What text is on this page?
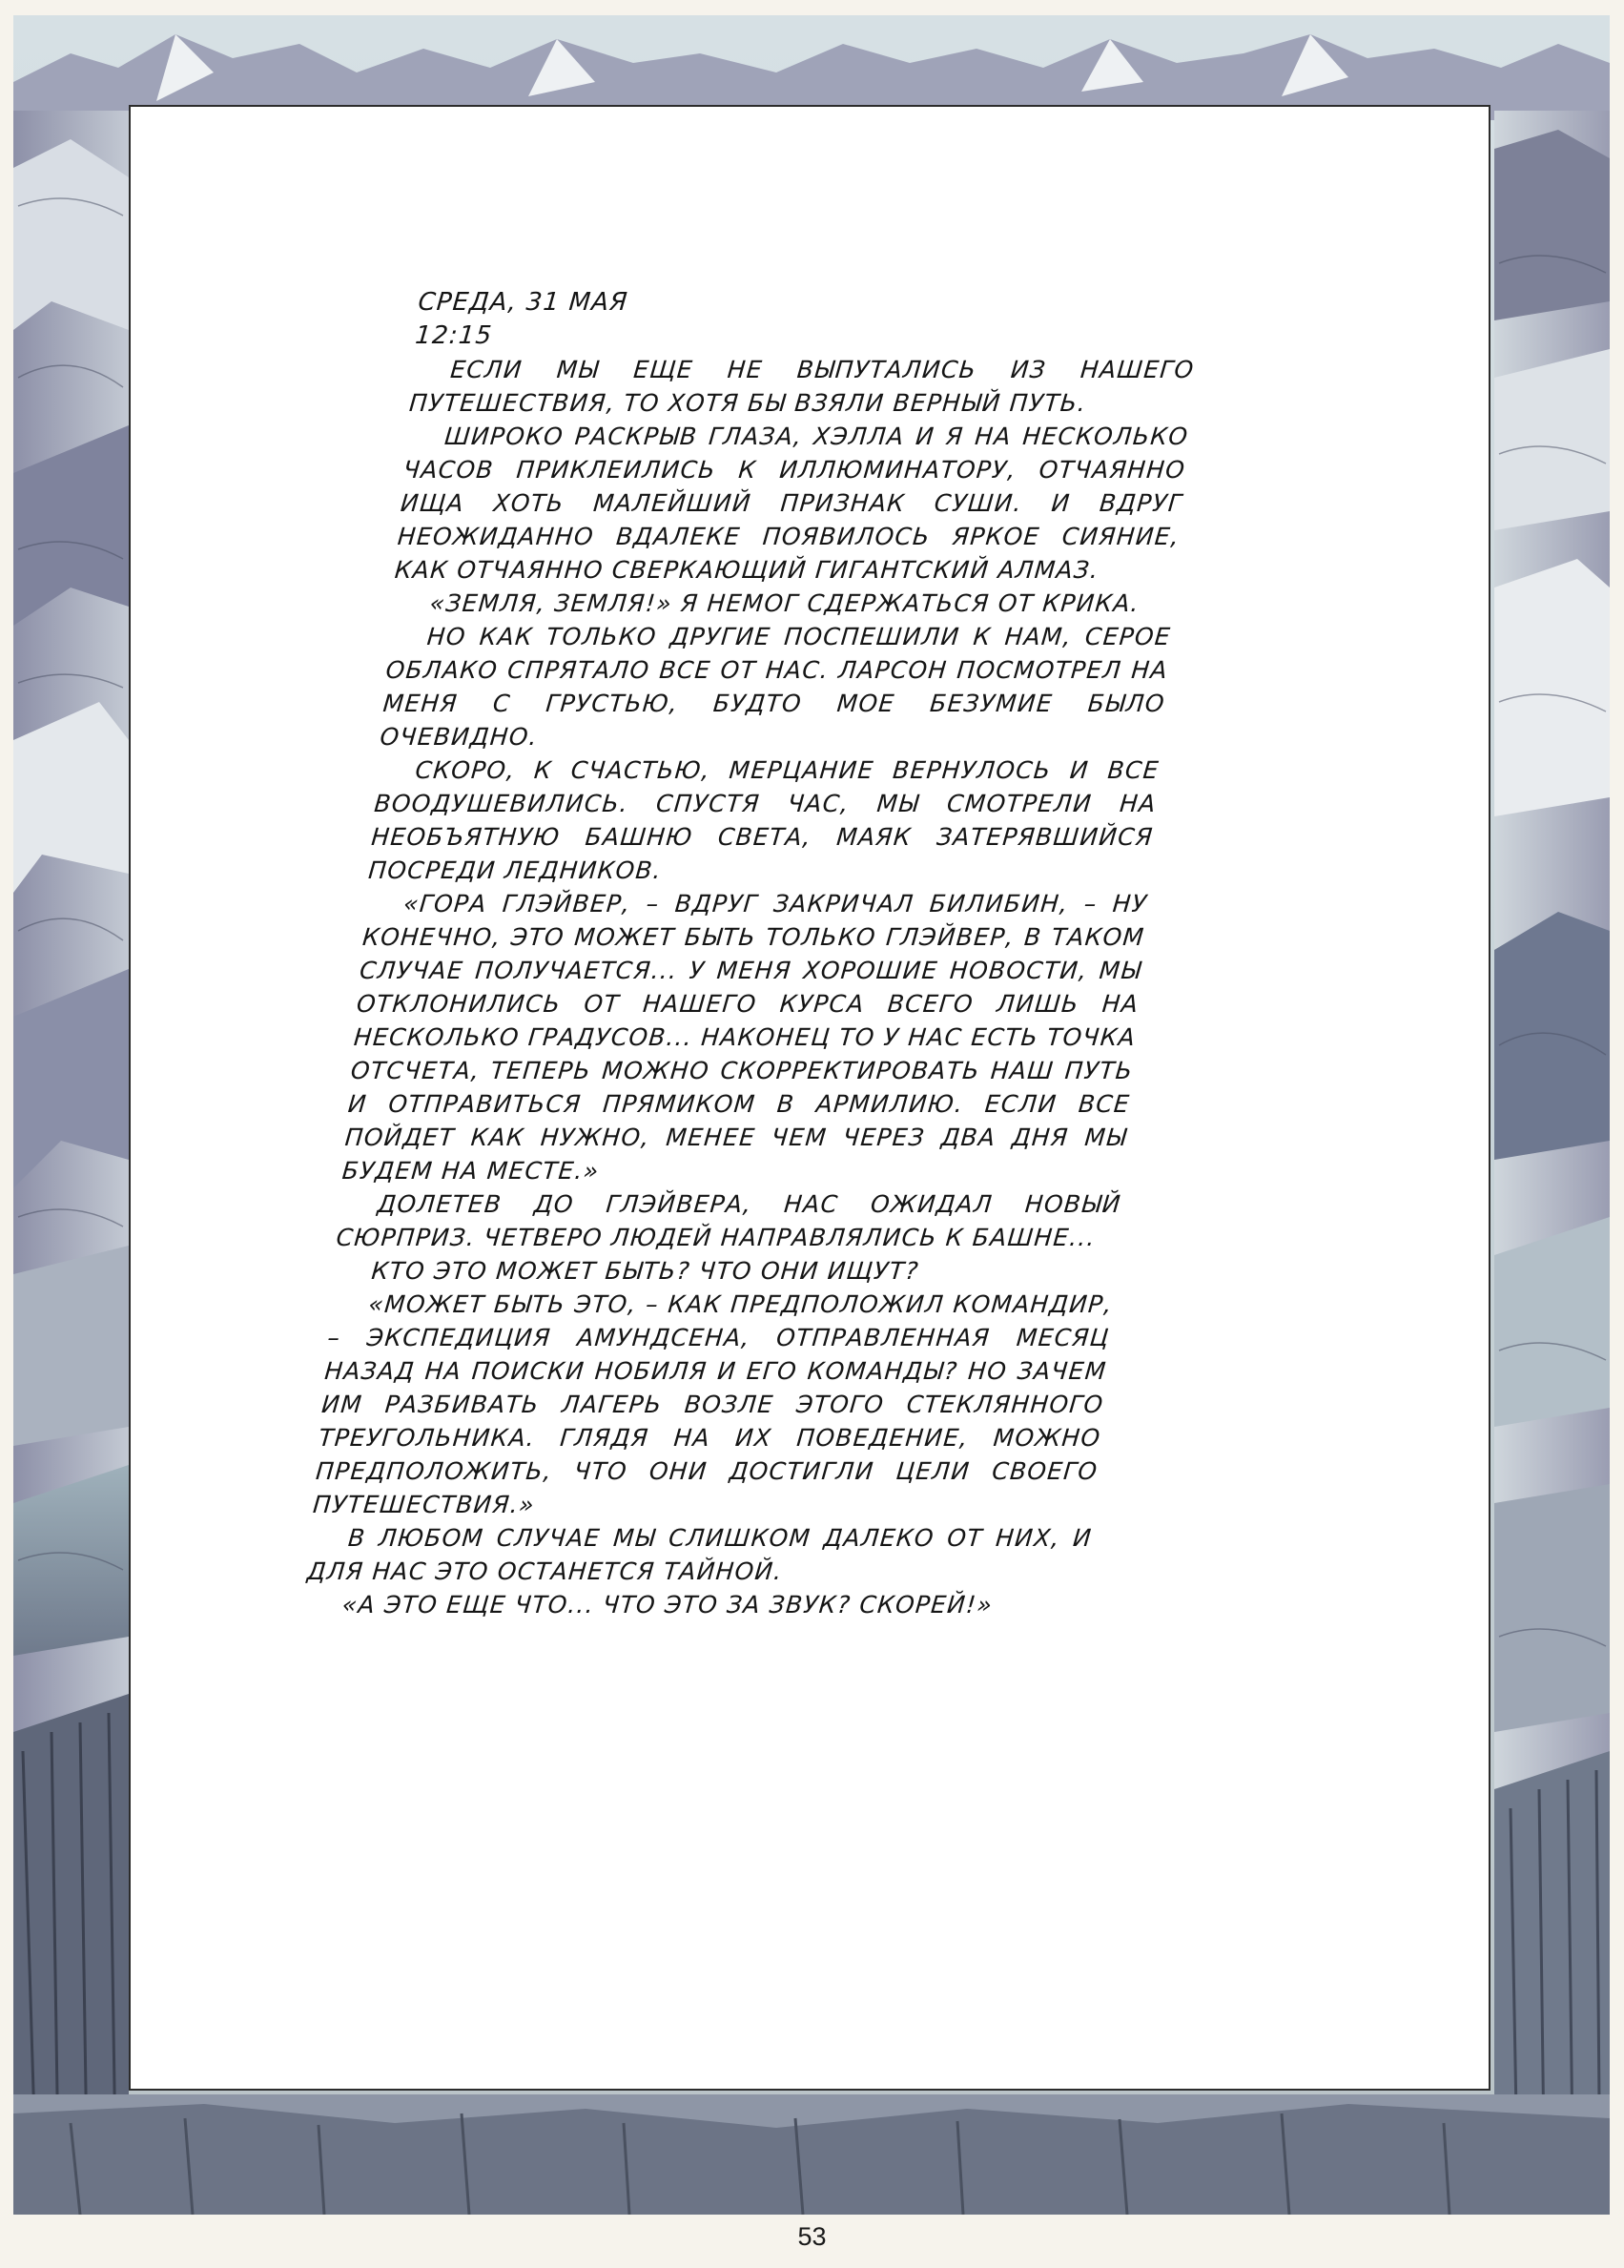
СРЕДА, 31 МАЯ

12:15

ЕСЛИ МЫ ЕЩЕ НЕ ВЫПУТАЛИСЬ ИЗ НАШЕГО ПУТЕШЕСТВИЯ, ТО ХОТЯ БЫ ВЗЯЛИ ВЕРНЫЙ ПУТЬ.

ШИРОКО РАСКРЫВ ГЛАЗА, ХЭЛЛА И Я НА НЕСКОЛЬКО ЧАСОВ ПРИКЛЕИЛИСЬ К ИЛЛЮМИНАТОРУ, ОТЧАЯННО ИЩА ХОТЬ МАЛЕЙШИЙ ПРИЗНАК СУШИ. И ВДРУГ НЕОЖИДАННО ВДАЛЕКЕ ПОЯВИЛОСЬ ЯРКОЕ СИЯНИЕ, КАК ОТЧАЯННО СВЕРКАЮЩИЙ ГИГАНТСКИЙ АЛМАЗ.

«ЗЕМЛЯ, ЗЕМЛЯ!» Я НЕМОГ СДЕРЖАТЬСЯ ОТ КРИКА.

НО КАК ТОЛЬКО ДРУГИЕ ПОСПЕШИЛИ К НАМ, СЕРОЕ ОБЛАКО СПРЯТАЛО ВСЕ ОТ НАС. ЛАРСОН ПОСМОТРЕЛ НА МЕНЯ С ГРУСТЬЮ, БУДТО МОЕ БЕЗУМИЕ БЫЛО ОЧЕВИДНО.

СКОРО, К СЧАСТЬЮ, МЕРЦАНИЕ ВЕРНУЛОСЬ И ВСЕ ВООДУШЕВИЛИСЬ. СПУСТЯ ЧАС, МЫ СМОТРЕЛИ НА НЕОБЪЯТНУЮ БАШНЮ СВЕТА, МАЯК ЗАТЕРЯВШИЙСЯ ПОСРЕДИ ЛЕДНИКОВ.

«ГОРА ГЛЭЙВЕР, – ВДРУГ ЗАКРИЧАЛ БИЛИБИН, – НУ КОНЕЧНО, ЭТО МОЖЕТ БЫТЬ ТОЛЬКО ГЛЭЙВЕР, В ТАКОМ СЛУЧАЕ ПОЛУЧАЕТСЯ... У МЕНЯ ХОРОШИЕ НОВОСТИ, МЫ ОТКЛОНИЛИСЬ ОТ НАШЕГО КУРСА ВСЕГО ЛИШЬ НА НЕСКОЛЬКО ГРАДУСОВ... НАКОНЕЦ ТО У НАС ЕСТЬ ТОЧКА ОТСЧЕТА, ТЕПЕРЬ МОЖНО СКОРРЕКТИРОВАТЬ НАШ ПУТЬ И ОТПРАВИТЬСЯ ПРЯМИКОМ В АРМИЛИЮ. ЕСЛИ ВСЕ ПОЙДЕТ КАК НУЖНО, МЕНЕЕ ЧЕМ ЧЕРЕЗ ДВА ДНЯ МЫ БУДЕМ НА МЕСТЕ.»

ДОЛЕТЕВ ДО ГЛЭЙВЕРА, НАС ОЖИДАЛ НОВЫЙ СЮРПРИЗ. ЧЕТВЕРО ЛЮДЕЙ НАПРАВЛЯЛИСЬ К БАШНЕ...

КТО ЭТО МОЖЕТ БЫТЬ? ЧТО ОНИ ИЩУТ?

«МОЖЕТ БЫТЬ ЭТО, – КАК ПРЕДПОЛОЖИЛ КОМАНДИР, – ЭКСПЕДИЦИЯ АМУНДСЕНА, ОТПРАВЛЕННАЯ МЕСЯЦ НАЗАД НА ПОИСКИ НОБИЛЯ И ЕГО КОМАНДЫ? НО ЗАЧЕМ ИМ РАЗБИВАТЬ ЛАГЕРЬ ВОЗЛЕ ЭТОГО СТЕКЛЯННОГО ТРЕУГОЛЬНИКА. ГЛЯДЯ НА ИХ ПОВЕДЕНИЕ, МОЖНО ПРЕДПОЛОЖИТЬ, ЧТО ОНИ ДОСТИГЛИ ЦЕЛИ СВОЕГО ПУТЕШЕСТВИЯ.»

В ЛЮБОМ СЛУЧАЕ МЫ СЛИШКОМ ДАЛЕКО ОТ НИХ, И ДЛЯ НАС ЭТО ОСТАНЕТСЯ ТАЙНОЙ.

«А ЭТО ЕЩЕ ЧТО... ЧТО ЭТО ЗА ЗВУК? СКОРЕЙ!»

53
